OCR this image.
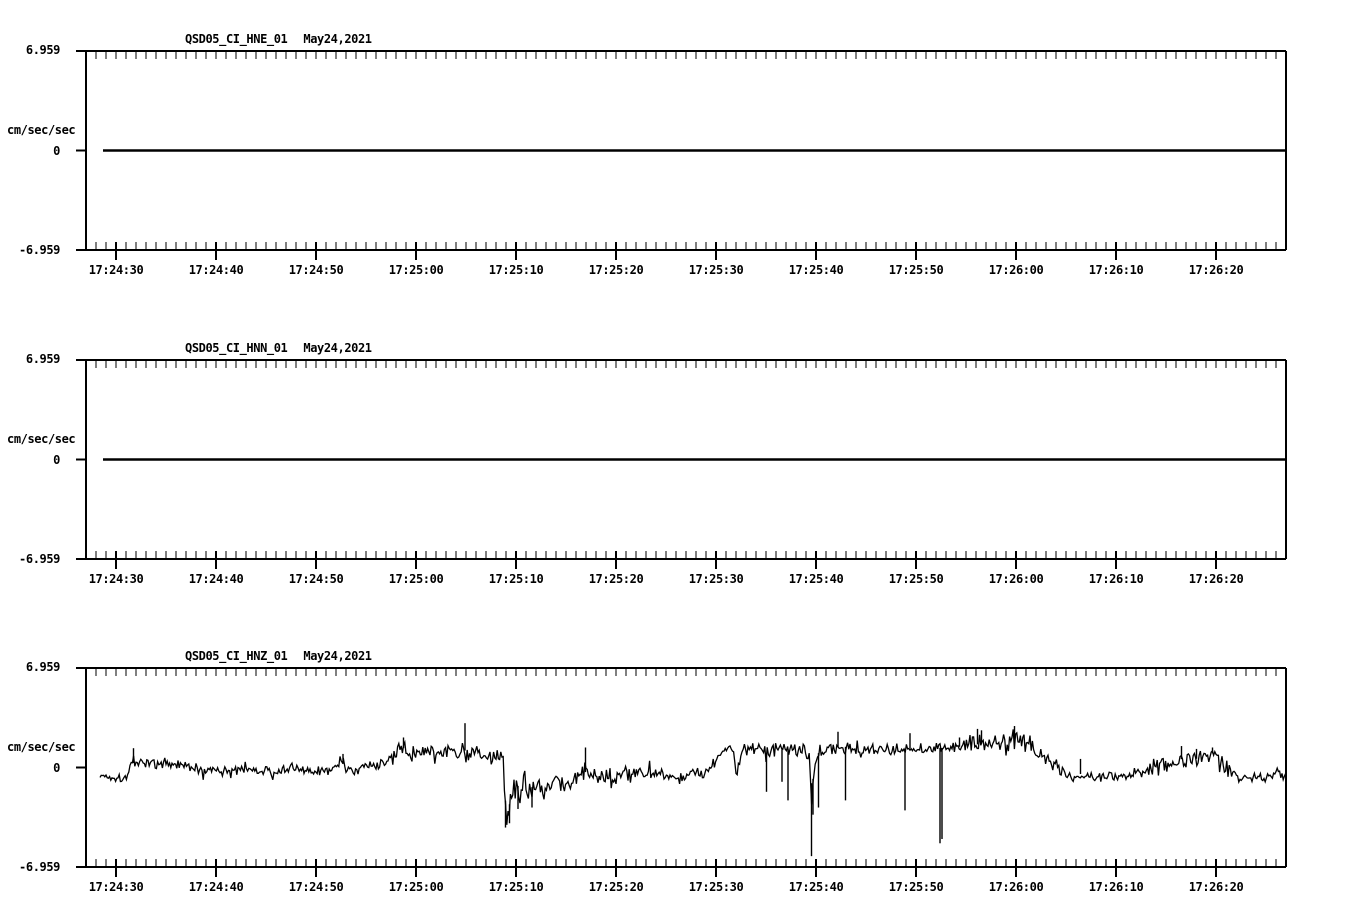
QSD05_CI_HNE_01 May24,2021
6.959
cm/sec/sec
0
-6.959
17:24:30	17:24:40	17:24:50	17:25:00	17:25:10	17:25:20	17:25:30	17:25:40	17:25:50	17:26:00	17:26:10	17:26:20
QSD05_CI_HNN_01 May24,2021
6.959
cm/sec/sec
0
-6.959
17:24:30	17:24:40	17:24:50	17:25:00	17:25:10	17:25:20	17:25:30	17:25:40	17:25:50	17:26:00	17:26:10	17:26:20
QSD05_CI_HNZ_01 May24,2021
6.959
cm/sec/sec
0
-6.959
17:24:30	17:24:40	17:24:50	17:25:00	17:25:10	17:25:20	17:25:30	17:25:40	17:25:50	17:26:00	17:26:10	17:26:20
